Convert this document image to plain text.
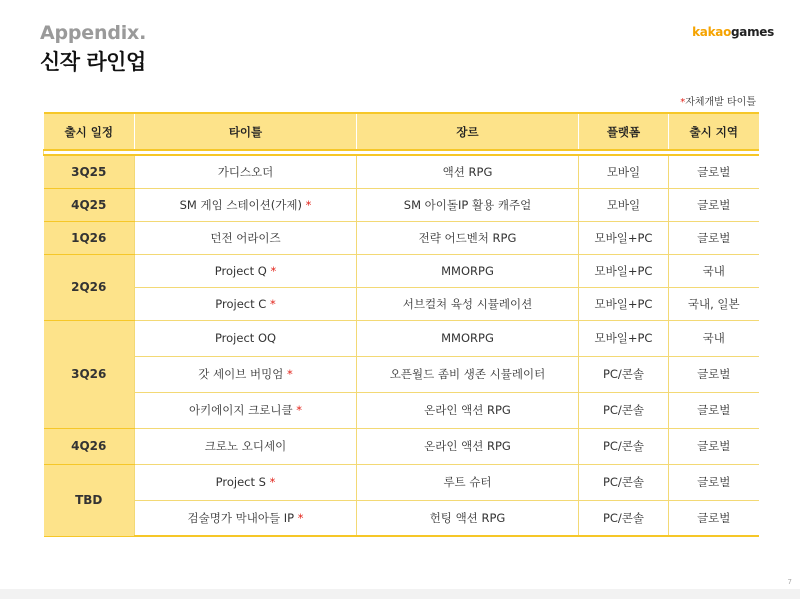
Appendix.
신작 라인업
kakaogames
*자체개발 타이틀
출시 일정	타이틀	장르	플랫폼	출시 지역

3Q25	가디스오더	액션 RPG	모바일	글로벌
4Q25	SM 게임 스테이션(가제) *	SM 아이돌IP 활용 캐주얼	모바일	글로벌
1Q26	던전 어라이즈	전략 어드벤처 RPG	모바일+PC	글로벌
2Q26	Project Q *	MMORPG	모바일+PC	국내
	Project C *	서브컬쳐 육성 시뮬레이션	모바일+PC	국내, 일본
3Q26	Project OQ	MMORPG	모바일+PC	국내
	갓 세이브 버밍엄 *	오픈월드 좀비 생존 시뮬레이터	PC/콘솔	글로벌
	아키에이지 크로니클 *	온라인 액션 RPG	PC/콘솔	글로벌
4Q26	크로노 오디세이	온라인 액션 RPG	PC/콘솔	글로벌
TBD	Project S *	루트 슈터	PC/콘솔	글로벌
	검술명가 막내아들 IP *	헌팅 액션 RPG	PC/콘솔	글로벌
7
